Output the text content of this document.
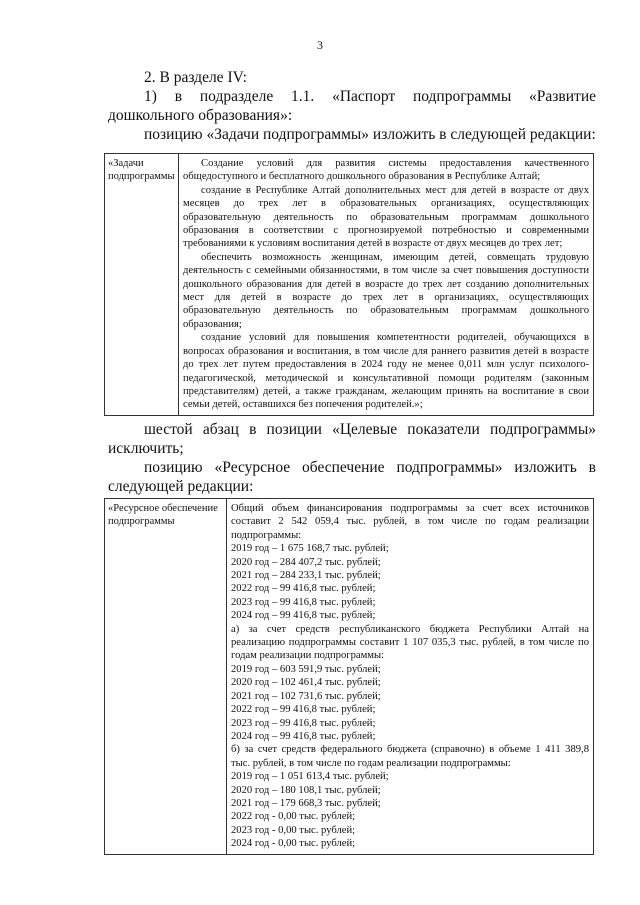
3
2. В разделе IV:
1) в подразделе 1.1. «Паспорт подпрограммы «Развитие дошкольного образования»:
позицию «Задачи подпрограммы» изложить в следующей редакции:
«Задачи подпрограммы

Создание условий для развития системы предоставления качественного общедоступного и бесплатного дошкольного образования в Республике Алтай;

создание в Республике Алтай дополнительных мест для детей в возрасте от двух месяцев до трех лет в образовательных организациях, осуществляющих образовательную деятельность по образовательным программам дошкольного образования в соответствии с прогнозируемой потребностью и современными требованиями к условиям воспитания детей в возрасте от двух месяцев до трех лет;

обеспечить возможность женщинам, имеющим детей, совмещать трудовую деятельность с семейными обязанностями, в том числе за счет повышения доступности дошкольного образования для детей в возрасте до трех лет созданию дополнительных мест для детей в возрасте до трех лет в организациях, осуществляющих образовательную деятельность по образовательным программам дошкольного образования;

создание условий для повышения компетентности родителей, обучающихся в вопросах образования и воспитания, в том числе для раннего развития детей в возрасте до трех лет путем предоставления в 2024 году не менее 0,011 млн услуг психолого-педагогической, методической и консультативной помощи родителям (законным представителям) детей, а также гражданам, желающим принять на воспитание в свои семьи детей, оставшихся без попечения родителей.»;

шестой абзац в позиции «Целевые показатели подпрограммы» исключить;
позицию «Ресурсное обеспечение подпрограммы» изложить в следующей редакции:
«Ресурсное обеспечение подпрограммы

Общий объем финансирования подпрограммы за счет всех источников составит 2 542 059,4 тыс. рублей, в том числе по годам реализации подпрограммы:

2019 год – 1 675 168,7 тыс. рублей;

2020 год – 284 407,2 тыс. рублей;

2021 год – 284 233,1 тыс. рублей;

2022 год – 99 416,8 тыс. рублей;

2023 год – 99 416,8 тыс. рублей;

2024 год – 99 416,8 тыс. рублей;

а) за счет средств республиканского бюджета Республики Алтай на реализацию подпрограммы составит 1 107 035,3 тыс. рублей, в том числе по годам реализации подпрограммы:

2019 год – 603 591,9 тыс. рублей;

2020 год – 102 461,4 тыс. рублей;

2021 год – 102 731,6 тыс. рублей;

2022 год – 99 416,8 тыс. рублей;

2023 год – 99 416,8 тыс. рублей;

2024 год – 99 416,8 тыс. рублей;

б) за счет средств федерального бюджета (справочно) в объеме 1 411 389,8 тыс. рублей, в том числе по годам реализации подпрограммы:

2019 год – 1 051 613,4 тыс. рублей;

2020 год – 180 108,1 тыс. рублей;

2021 год – 179 668,3 тыс. рублей;

2022 год - 0,00 тыс. рублей;

2023 год - 0,00 тыс. рублей;

2024 год - 0,00 тыс. рублей;
